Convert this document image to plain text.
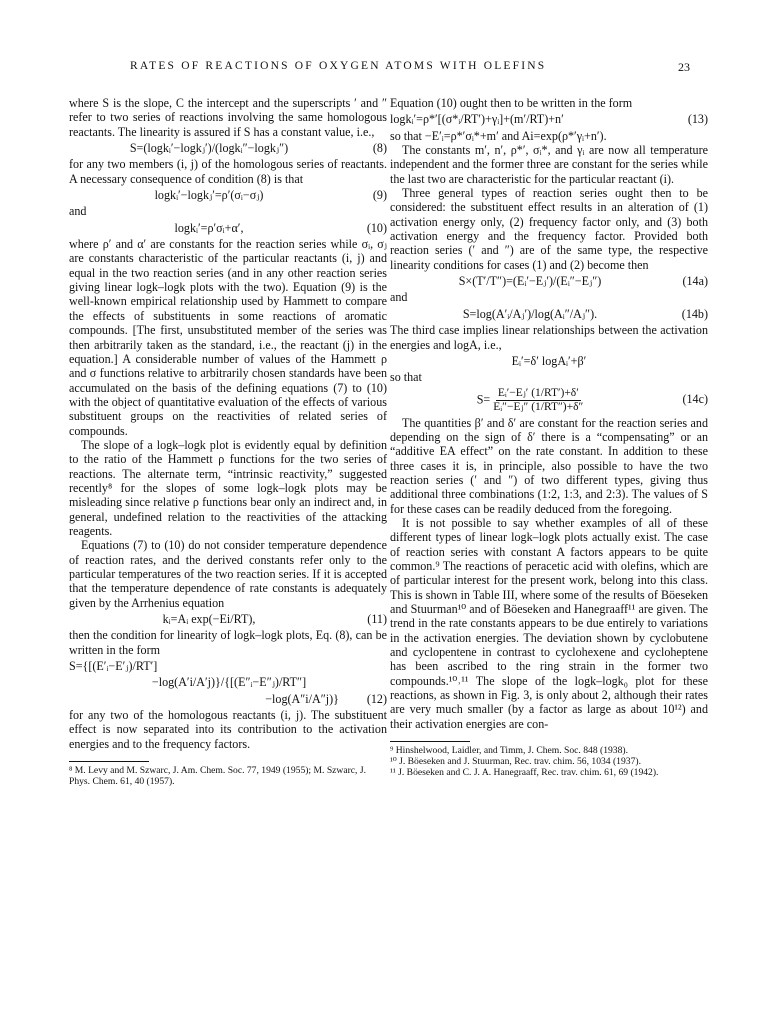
RATES OF REACTIONS OF OXYGEN ATOMS WITH OLEFINS	23

where S is the slope, C the intercept and the superscripts ′ and ″ refer to two series of reactions involving the same homologous reactants. The linearity is assured if S has a constant value, i.e.,

S=(logkᵢ′−logkⱼ′)/(logkᵢ″−logkⱼ″)	(8)

for any two members (i, j) of the homologous series of reactants. A necessary consequence of condition (8) is that

logkᵢ′−logkⱼ′=ρ′(σᵢ−σⱼ)	(9)

and

logkᵢ′=ρ′σᵢ+α′,	(10)

where ρ′ and α′ are constants for the reaction series while σᵢ, σⱼ are constants characteristic of the particular reactants (i, j) and equal in the two reaction series (and in any other reaction series giving linear logk–logk plots with the two). Equation (9) is the well-known empirical relationship used by Hammett to compare the effects of substituents in some reactions of aromatic compounds. [The first, unsubstituted member of the series was then arbitrarily taken as the standard, i.e., the reactant (j) in the equation.] A considerable number of values of the Hammett ρ and σ functions relative to arbitrarily chosen standards have been accumulated on the basis of the defining equations (7) to (10) with the object of quantitative evaluation of the effects of various substituent groups on the reactivities of related series of compounds.

The slope of a logk–logk plot is evidently equal by definition to the ratio of the Hammett ρ functions for the two series of reactions. The alternate term, “intrinsic reactivity,” suggested recently⁸ for the slopes of some logk–logk plots may be misleading since relative ρ functions bear only an indirect and, in general, undefined relation to the reactivities of the attacking reagents.

Equations (7) to (10) do not consider temperature dependence of reaction rates, and the derived constants refer only to the particular temperatures of the two reaction series. If it is accepted that the temperature dependence of rate constants is adequately given by the Arrhenius equation

kᵢ=Aᵢ exp(−Ei/RT),	(11)

then the condition for linearity of logk–logk plots, Eq. (8), can be written in the form

S={[(E′ᵢ−E′ⱼ)/RT′]
−log(A′i/A′j)}/{[(E″ᵢ−E″ⱼ)/RT″]
−log(A″i/A″j)}	(12)

for any two of the homologous reactants (i, j). The substituent effect is now separated into its contribution to the activation energies and to the frequency factors.

⁸ M. Levy and M. Szwarc, J. Am. Chem. Soc. 77, 1949 (1955); M. Szwarc, J. Phys. Chem. 61, 40 (1957).

Equation (10) ought then to be written in the form

logkᵢ′=ρ*′[(σ*ᵢ/RT′)+γᵢ]+(m′/RT)+n′	(13)

so that −E′ᵢ=ρ*′σᵢ*+m′ and Ai=exp(ρ*′γᵢ+n′).

The constants m′, n′, ρ*′, σᵢ*, and γᵢ are now all temperature independent and the former three are constant for the series while the last two are characteristic for the particular reactant (i).

Three general types of reaction series ought then to be considered: the substituent effect results in an alteration of (1) activation energy only, (2) frequency factor only, and (3) both activation energy and the frequency factor. Provided both reaction series (′ and ″) are of the same type, the respective linearity conditions for cases (1) and (2) become then

S×(T′/T″)=(Eᵢ′−Eⱼ′)/(Eᵢ″−Eⱼ″)	(14a)

and

S=log(A′ᵢ/Aⱼ′)/log(Aᵢ″/Aⱼ″).	(14b)

The third case implies linear relationships between the activation energies and logA, i.e.,

Eᵢ′=δ′ logAᵢ′+β′

so that

$S= \frac{\text{Eᵢ′−Eⱼ′ (1/RT′)+δ′}}{\text{Eᵢ″−Eⱼ″ (1/RT″)+δ″}}$	(14c)

The quantities β′ and δ′ are constant for the reaction series and depending on the sign of δ′ there is a “compensating” or an “additive EA effect” on the rate constant. In addition to these three cases it is, in principle, also possible to have the two reaction series (′ and ″) of two different types, giving thus additional three combinations (1:2, 1:3, and 2:3). The values of S for these cases can be readily deduced from the foregoing.

It is not possible to say whether examples of all of these different types of linear logk–logk plots actually exist. The case of reaction series with constant A factors appears to be quite common.⁹ The reactions of peracetic acid with olefins, which are of particular interest for the present work, belong into this class. This is shown in Table III, where some of the results of Böeseken and Stuurman¹⁰ and of Böeseken and Hanegraaff¹¹ are given. The trend in the rate constants appears to be due entirely to variations in the activation energies. The deviation shown by cyclobutene and cyclopentene in contrast to cyclohexene and cycloheptene has been ascribed to the ring strain in the former two compounds.¹⁰˒¹¹ The slope of the logk–logk₀ plot for these reactions, as shown in Fig. 3, is only about 2, although their rates are very much smaller (by a factor as large as about 10¹²) and their activation energies are con-

⁹ Hinshelwood, Laidler, and Timm, J. Chem. Soc. 848 (1938).

¹⁰ J. Böeseken and J. Stuurman, Rec. trav. chim. 56, 1034 (1937).

¹¹ J. Böeseken and C. J. A. Hanegraaff, Rec. trav. chim. 61, 69 (1942).
